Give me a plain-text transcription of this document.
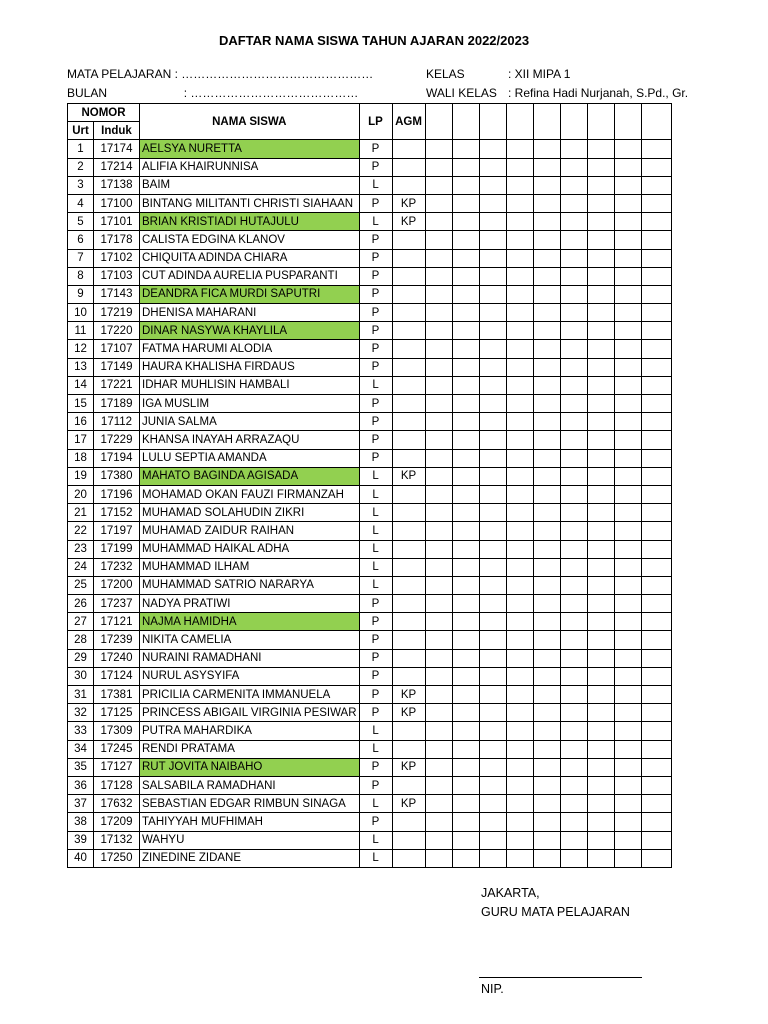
DAFTAR NAMA SISWA TAHUN AJARAN 2022/2023
MATA PELAJARAN : …………………………………………
BULAN	: ……………………………………
KELAS	: XII MIPA 1
WALI KELAS : Refina Hadi Nurjanah, S.Pd., Gr.
NOMOR		NAMA SISWA	LP	AGM									
Urt	Induk												
1	17174	AELSYA NURETTA	P										
2	17214	ALIFIA KHAIRUNNISA	P										
3	17138	BAIM	L										
4	17100	BINTANG MILITANTI CHRISTI SIAHAAN	P	KP									
5	17101	BRIAN KRISTIADI HUTAJULU	L	KP									
6	17178	CALISTA EDGINA KLANOV	P										
7	17102	CHIQUITA ADINDA CHIARA	P										
8	17103	CUT ADINDA AURELIA PUSPARANTI	P										
9	17143	DEANDRA FICA MURDI SAPUTRI	P										
10	17219	DHENISA MAHARANI	P										
11	17220	DINAR NASYWA KHAYLILA	P										
12	17107	FATMA HARUMI ALODIA	P										
13	17149	HAURA KHALISHA FIRDAUS	P										
14	17221	IDHAR MUHLISIN HAMBALI	L										
15	17189	IGA MUSLIM	P										
16	17112	JUNIA SALMA	P										
17	17229	KHANSA INAYAH ARRAZAQU	P										
18	17194	LULU SEPTIA AMANDA	P										
19	17380	MAHATO BAGINDA AGISADA	L	KP									
20	17196	MOHAMAD OKAN FAUZI FIRMANZAH	L										
21	17152	MUHAMAD SOLAHUDIN ZIKRI	L										
22	17197	MUHAMAD ZAIDUR RAIHAN	L										
23	17199	MUHAMMAD HAIKAL ADHA	L										
24	17232	MUHAMMAD ILHAM	L										
25	17200	MUHAMMAD SATRIO NARARYA	L										
26	17237	NADYA PRATIWI	P										
27	17121	NAJMA HAMIDHA	P										
28	17239	NIKITA CAMELIA	P										
29	17240	NURAINI RAMADHANI	P										
30	17124	NURUL ASYSYIFA	P										
31	17381	PRICILIA CARMENITA IMMANUELA	P	KP									
32	17125	PRINCESS ABIGAIL VIRGINIA PESIWAR	P	KP									
33	17309	PUTRA MAHARDIKA	L										
34	17245	RENDI PRATAMA	L										
35	17127	RUT JOVITA NAIBAHO	P	KP									
36	17128	SALSABILA RAMADHANI	P										
37	17632	SEBASTIAN EDGAR RIMBUN SINAGA	L	KP									
38	17209	TAHIYYAH MUFHIMAH	P										
39	17132	WAHYU	L										
40	17250	ZINEDINE ZIDANE	L										
JAKARTA,
GURU MATA PELAJARAN
NIP.
